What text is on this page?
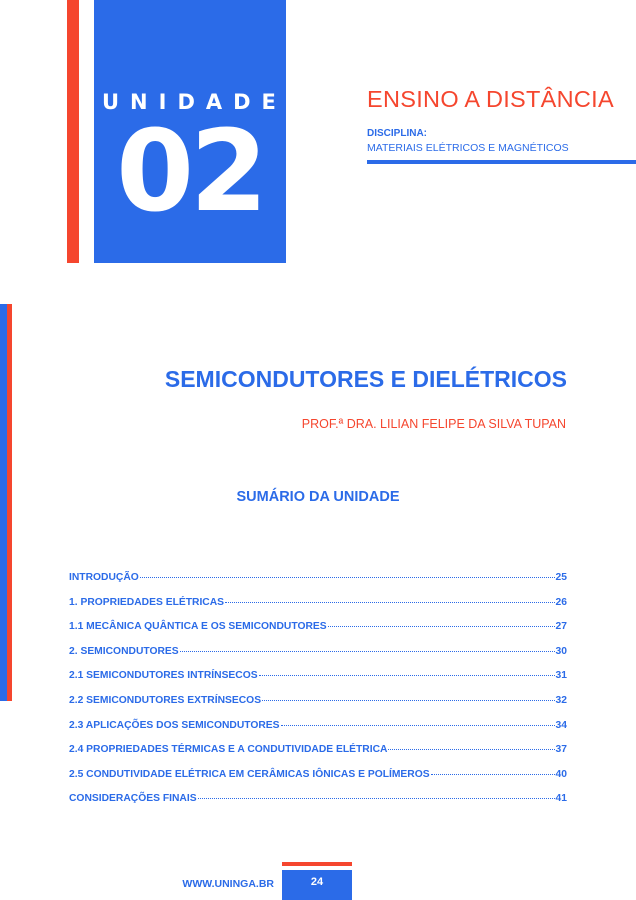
UNIDADE
02
ENSINO A DISTÂNCIA
DISCIPLINA:
MATERIAIS ELÉTRICOS E MAGNÉTICOS
SEMICONDUTORES E DIELÉTRICOS
PROF.ª DRA. LILIAN FELIPE DA SILVA TUPAN
SUMÁRIO DA UNIDADE
INTRODUÇÃO	25
1. PROPRIEDADES ELÉTRICAS	26
1.1 MECÂNICA QUÂNTICA E OS SEMICONDUTORES	27
2. SEMICONDUTORES	30
2.1 SEMICONDUTORES INTRÍNSECOS	31
2.2 SEMICONDUTORES EXTRÍNSECOS	32
2.3 APLICAÇÕES DOS SEMICONDUTORES	34
2.4 PROPRIEDADES TÉRMICAS E A CONDUTIVIDADE ELÉTRICA	37
2.5 CONDUTIVIDADE ELÉTRICA EM CERÂMICAS IÔNICAS E POLÍMEROS	40
CONSIDERAÇÕES FINAIS	41
24
WWW.UNINGA.BR
